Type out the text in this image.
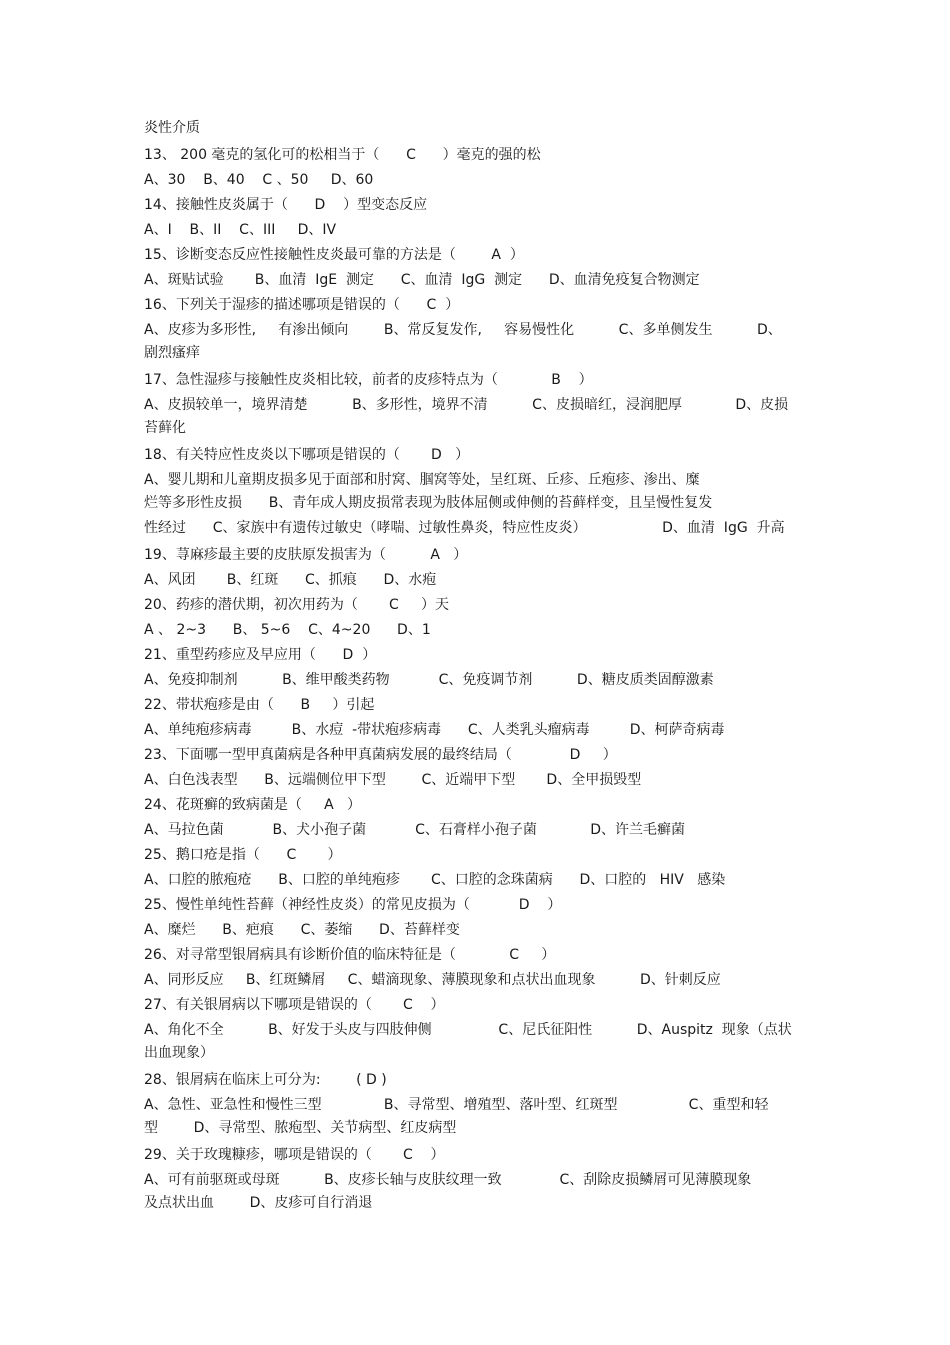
炎性介质

13、 200 毫克的氢化可的松相当于（      C      ）毫克的强的松

A、30    B、40    C 、50     D、60

14、接触性皮炎属于（      D    ）型变态反应

A、I    B、II    C、III     D、IV

15、诊断变态反应性接触性皮炎最可靠的方法是（        A  ）

A、斑贴试验       B、血清  IgE  测定      C、血清  IgG  测定      D、血清免疫复合物测定

16、下列关于湿疹的描述哪项是错误的（      C  ）

A、皮疹为多形性,     有渗出倾向        B、常反复发作,     容易慢性化          C、多单侧发生          D、

剧烈瘙痒

17、急性湿疹与接触性皮炎相比较，前者的皮疹特点为（            B    ）

A、皮损较单一，境界清楚          B、多形性，境界不清          C、皮损暗红，浸润肥厚            D、皮损

苔藓化

18、有关特应性皮炎以下哪项是错误的（       D   ）

A、婴儿期和儿童期皮损多见于面部和肘窝、腘窝等处，呈红斑、丘疹、丘疱疹、渗出、糜

烂等多形性皮损      B、青年成人期皮损常表现为肢体屈侧或伸侧的苔藓样变，且呈慢性复发

性经过      C、家族中有遗传过敏史（哮喘、过敏性鼻炎，特应性皮炎）                 D、血清  IgG  升高

19、荨麻疹最主要的皮肤原发损害为（          A   ）

A、风团       B、红斑      C、抓痕      D、水疱

20、药疹的潜伏期，初次用药为（       C     ）天

A 、 2~3      B、 5~6    C、4~20      D、1

21、重型药疹应及早应用（      D  ）

A、免疫抑制剂          B、维甲酸类药物           C、免疫调节剂          D、糖皮质类固醇激素

22、带状疱疹是由（      B     ）引起

A、单纯疱疹病毒         B、水痘  -带状疱疹病毒      C、人类乳头瘤病毒         D、柯萨奇病毒

23、下面哪一型甲真菌病是各种甲真菌病发展的最终结局（             D     ）

A、白色浅表型      B、远端侧位甲下型        C、近端甲下型       D、全甲损毁型

24、花斑癣的致病菌是（     A   ）

A、马拉色菌           B、犬小孢子菌           C、石膏样小孢子菌            D、许兰毛癣菌

25、鹅口疮是指（      C       ）

A、口腔的脓疱疮      B、口腔的单纯疱疹       C、口腔的念珠菌病      D、口腔的   HIV   感染

25、慢性单纯性苔藓（神经性皮炎）的常见皮损为（           D    ）

A、糜烂      B、疤痕      C、萎缩      D、苔藓样变

26、对寻常型银屑病具有诊断价值的临床特征是（            C     ）

A、同形反应     B、红斑鳞屑     C、蜡滴现象、薄膜现象和点状出血现象          D、针刺反应

27、有关银屑病以下哪项是错误的（       C    ）

A、角化不全          B、好发于头皮与四肢伸侧               C、尼氏征阳性          D、Auspitz  现象（点状

出血现象）

28、银屑病在临床上可分为:        ( D )

A、急性、亚急性和慢性三型              B、寻常型、增殖型、落叶型、红斑型                C、重型和轻

型        D、寻常型、脓疱型、关节病型、红皮病型

29、关于玫瑰糠疹，哪项是错误的（       C    ）

A、可有前驱斑或母斑          B、皮疹长轴与皮肤纹理一致             C、刮除皮损鳞屑可见薄膜现象

及点状出血        D、皮疹可自行消退
